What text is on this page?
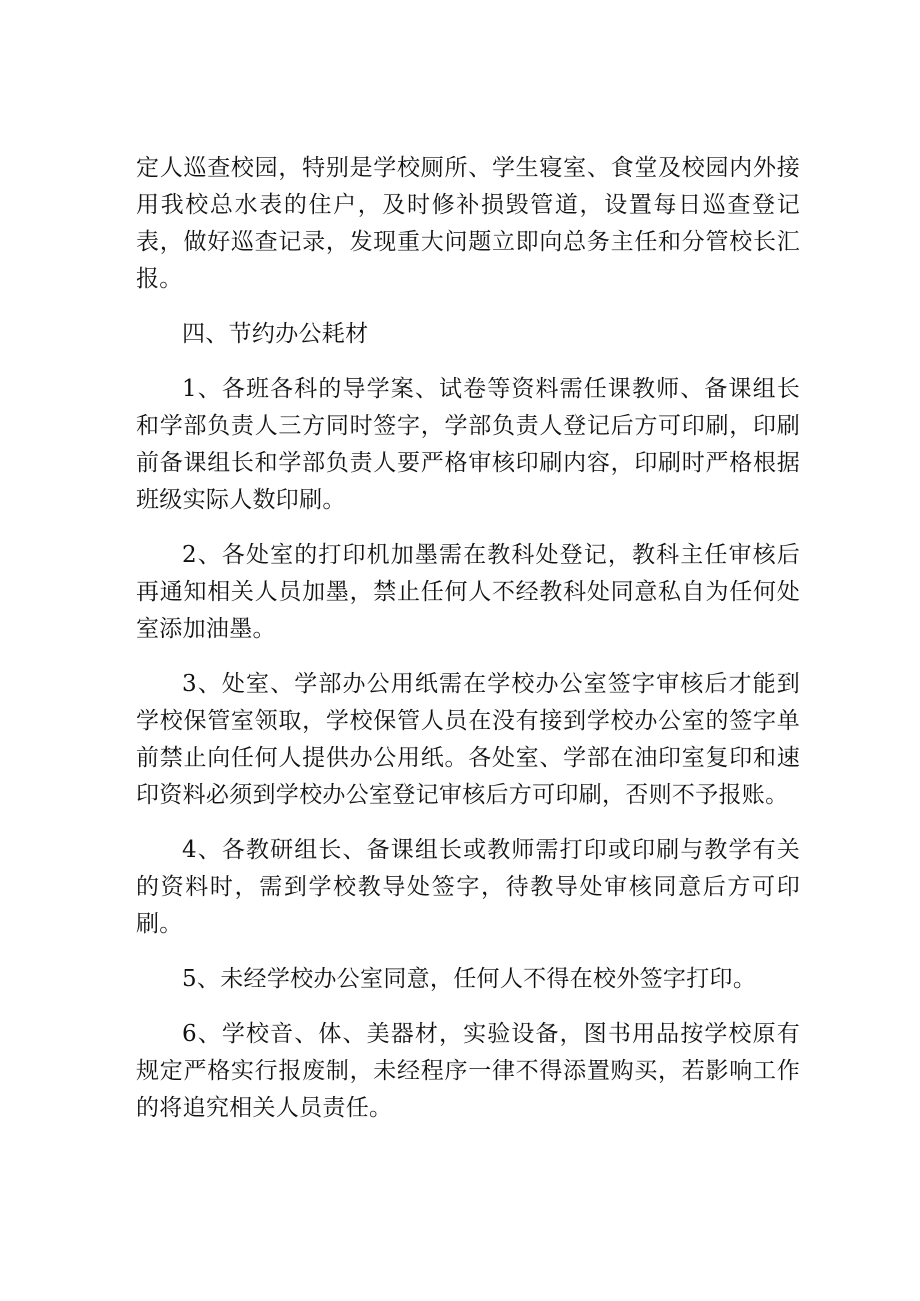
定人巡查校园，特别是学校厕所、学生寝室、食堂及校园内外接用我校总水表的住户，及时修补损毁管道，设置每日巡查登记表，做好巡查记录，发现重大问题立即向总务主任和分管校长汇报。

四、节约办公耗材

1、各班各科的导学案、试卷等资料需任课教师、备课组长和学部负责人三方同时签字，学部负责人登记后方可印刷，印刷前备课组长和学部负责人要严格审核印刷内容，印刷时严格根据班级实际人数印刷。

2、各处室的打印机加墨需在教科处登记，教科主任审核后再通知相关人员加墨，禁止任何人不经教科处同意私自为任何处室添加油墨。

3、处室、学部办公用纸需在学校办公室签字审核后才能到学校保管室领取，学校保管人员在没有接到学校办公室的签字单前禁止向任何人提供办公用纸。各处室、学部在油印室复印和速印资料必须到学校办公室登记审核后方可印刷，否则不予报账。

4、各教研组长、备课组长或教师需打印或印刷与教学有关的资料时，需到学校教导处签字，待教导处审核同意后方可印刷。

5、未经学校办公室同意，任何人不得在校外签字打印。

6、学校音、体、美器材，实验设备，图书用品按学校原有规定严格实行报废制，未经程序一律不得添置购买，若影响工作的将追究相关人员责任。
